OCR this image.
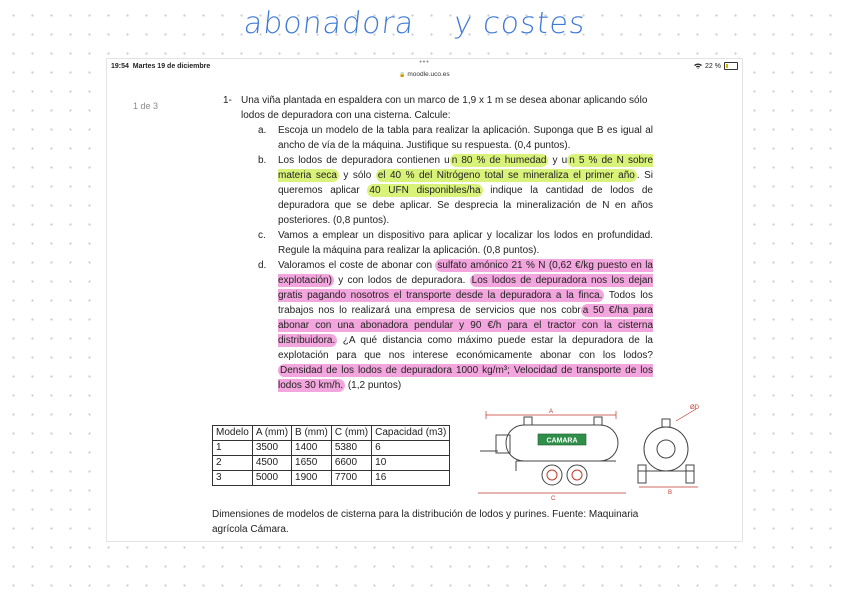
abonadora y costes
19:54 Martes 19 de diciembre
•••	22 %
🔒 moodle.uco.es
1 de 3	1- Una viña plantada en espaldera con un marco de 1,9 x 1 m se desea abonar aplicando sólo lodos de depuradora con una cisterna. Calcule:
a. Escoja un modelo de la tabla para realizar la aplicación. Suponga que B es igual al ancho de vía de la máquina. Justifique su respuesta. (0,4 puntos).
b. Los lodos de depuradora contienen u n 80 % de humedad y u n 5 % de N sobre materia seca y sólo el 40 % del Nitrógeno total se mineraliza el primer año . Si queremos aplicar 40 UFN disponibles/ha indique la cantidad de lodos de depuradora que se debe aplicar. Se desprecia la mineralización de N en años posteriores. (0,8 puntos).
c. Vamos a emplear un dispositivo para aplicar y localizar los lodos en profundidad. Regule la máquina para realizar la aplicación. (0,8 puntos).
d. Valoramos el coste de abonar con sulfato amónico 21 % N (0,62 €/kg puesto en la explotación) y con lodos de depuradora. Los lodos de depuradora nos los dejan gratis pagando nosotros el transporte desde la depuradora a la finca. Todos los trabajos nos lo realizará una empresa de servicios que nos cobr a 50 €/ha para abonar con una abonadora pendular y 90 €/h para el tractor con la cisterna distribuidora. ¿A qué distancia como máximo puede estar la depuradora de la explotación para que nos interese económicamente abonar con los lodos? Densidad de los lodos de depuradora 1000 kg/m³; Velocidad de transporte de los lodos 30 km/h. (1,2 puntos)
Modelo	A (mm)	B (mm)	C (mm)	Capacidad (m3)
1	3500	1400	5380	6
2	4500	1650	6600	10
3	5000	1900	7700	16
A
C
B
ØD
CAMARA
Dimensiones de modelos de cisterna para la distribución de lodos y purines. Fuente: Maquinaria agrícola Cámara.
